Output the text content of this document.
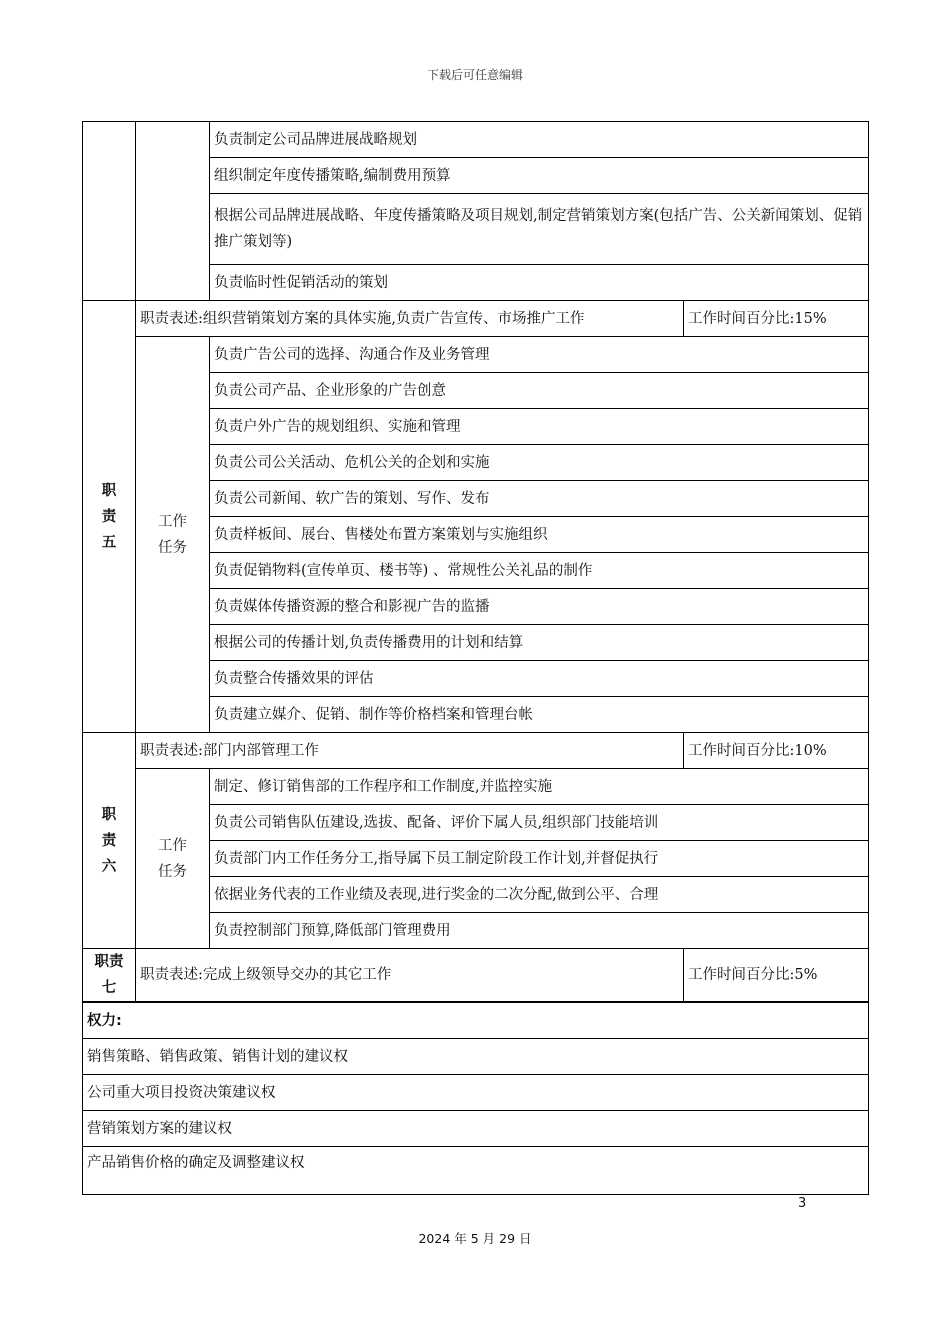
下载后可任意编辑
		负责制定公司品牌进展战略规划	
		组织制定年度传播策略,编制费用预算	
		根据公司品牌进展战略、年度传播策略及项目规划,制定营销策划方案(包括广告、公关新闻策划、促销推广策划等)	
		负责临时性促销活动的策划	
职责五	职责表述:组织营销策划方案的具体实施,负责广告宣传、市场推广工作		工作时间百分比:15%
	工作任务	负责广告公司的选择、沟通合作及业务管理	
		负责公司产品、企业形象的广告创意	
		负责户外广告的规划组织、实施和管理	
		负责公司公关活动、危机公关的企划和实施	
		负责公司新闻、软广告的策划、写作、发布	
		负责样板间、展台、售楼处布置方案策划与实施组织	
		负责促销物料(宣传单页、楼书等) 、常规性公关礼品的制作	
		负责媒体传播资源的整合和影视广告的监播	
		根据公司的传播计划,负责传播费用的计划和结算	
		负责整合传播效果的评估	
		负责建立媒介、促销、制作等价格档案和管理台帐	
职责六	职责表述:部门内部管理工作		工作时间百分比:10%
	工作任务	制定、修订销售部的工作程序和工作制度,并监控实施	
		负责公司销售队伍建设,选拔、配备、评价下属人员,组织部门技能培训	
		负责部门内工作任务分工,指导属下员工制定阶段工作计划,并督促执行	
		依据业务代表的工作业绩及表现,进行奖金的二次分配,做到公平、合理	
		负责控制部门预算,降低部门管理费用	
职责七	职责表述:完成上级领导交办的其它工作		工作时间百分比:5%
权力:			
销售策略、销售政策、销售计划的建议权			
公司重大项目投资决策建议权			
营销策划方案的建议权			
产品销售价格的确定及调整建议权			
3
2024 年 5 月 29 日
